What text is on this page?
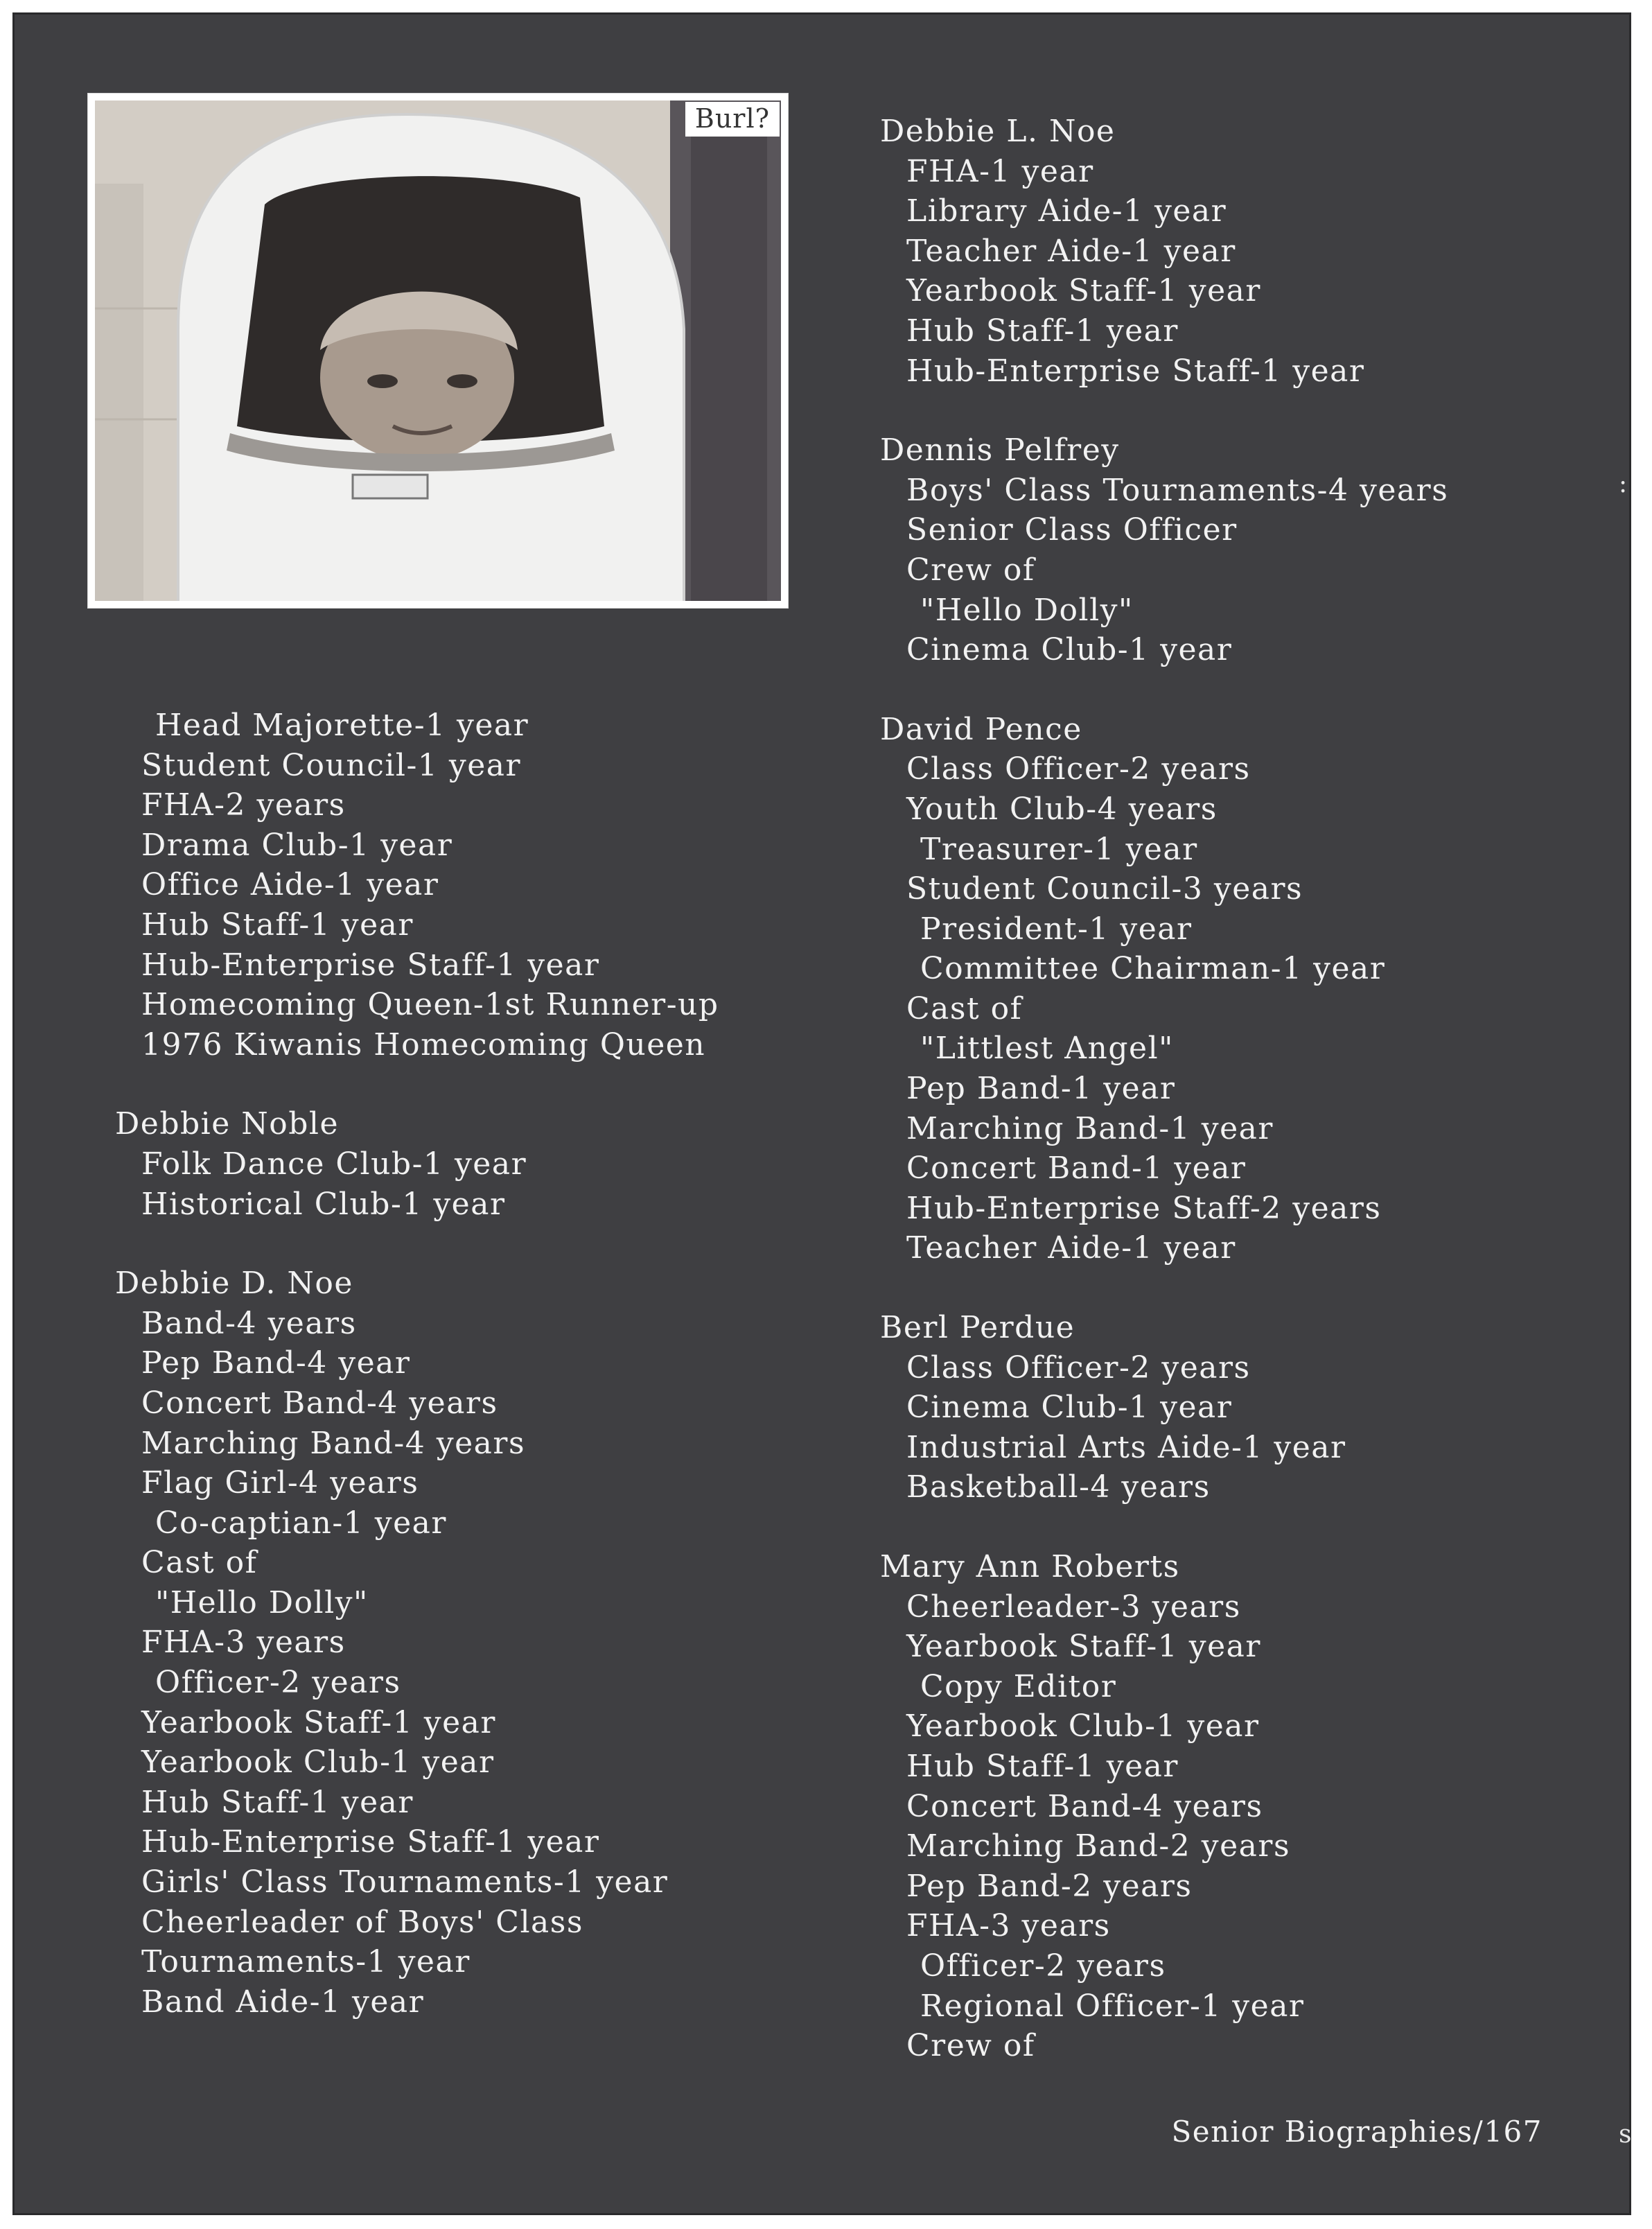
Burl?
Head Majorette-1 year
Student Council-1 year
FHA-2 years
Drama Club-1 year
Office Aide-1 year
Hub Staff-1 year
Hub-Enterprise Staff-1 year
Homecoming Queen-1st Runner-up
1976 Kiwanis Homecoming Queen
Debbie Noble
Folk Dance Club-1 year
Historical Club-1 year
Debbie D. Noe
Band-4 years
Pep Band-4 year
Concert Band-4 years
Marching Band-4 years
Flag Girl-4 years
Co-captian-1 year
Cast of
"Hello Dolly"
FHA-3 years
Officer-2 years
Yearbook Staff-1 year
Yearbook Club-1 year
Hub Staff-1 year
Hub-Enterprise Staff-1 year
Girls' Class Tournaments-1 year
Cheerleader of Boys' Class
Tournaments-1 year
Band Aide-1 year
Debbie L. Noe
FHA-1 year
Library Aide-1 year
Teacher Aide-1 year
Yearbook Staff-1 year
Hub Staff-1 year
Hub-Enterprise Staff-1 year
Dennis Pelfrey
Boys' Class Tournaments-4 years
Senior Class Officer
Crew of
"Hello Dolly"
Cinema Club-1 year
David Pence
Class Officer-2 years
Youth Club-4 years
Treasurer-1 year
Student Council-3 years
President-1 year
Committee Chairman-1 year
Cast of
"Littlest Angel"
Pep Band-1 year
Marching Band-1 year
Concert Band-1 year
Hub-Enterprise Staff-2 years
Teacher Aide-1 year
Berl Perdue
Class Officer-2 years
Cinema Club-1 year
Industrial Arts Aide-1 year
Basketball-4 years
Mary Ann Roberts
Cheerleader-3 years
Yearbook Staff-1 year
Copy Editor
Yearbook Club-1 year
Hub Staff-1 year
Concert Band-4 years
Marching Band-2 years
Pep Band-2 years
FHA-3 years
Officer-2 years
Regional Officer-1 year
Crew of
Senior Biographies/167
:
s
